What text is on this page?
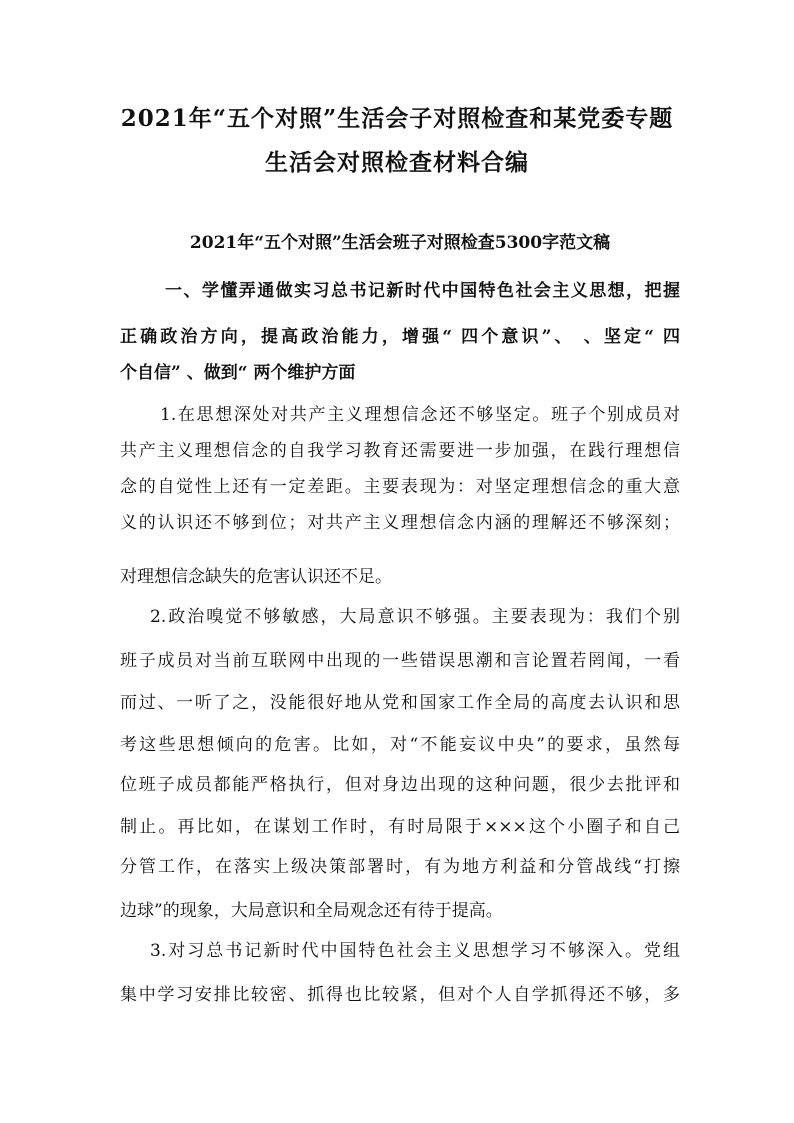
2021年“五个对照”生活会子对照检查和某党委专题
生活会对照检查材料合编
2021年“五个对照”生活会班子对照检查5300字范文稿
一、学懂弄通做实习总书记新时代中国特色社会主义思想，把握
正确政治方向，提高政治能力，增强“ 四个意识”、 、坚定“ 四
个自信” 、做到“ 两个维护方面
1.在思想深处对共产主义理想信念还不够坚定。班子个别成员对
共产主义理想信念的自我学习教育还需要进一步加强，在践行理想信
念的自觉性上还有一定差距。主要表现为：对坚定理想信念的重大意
义的认识还不够到位；对共产主义理想信念内涵的理解还不够深刻；
对理想信念缺失的危害认识还不足。
2.政治嗅觉不够敏感，大局意识不够强。主要表现为：我们个别
班子成员对当前互联网中出现的一些错误思潮和言论置若罔闻，一看
而过、一听了之，没能很好地从党和国家工作全局的高度去认识和思
考这些思想倾向的危害。比如，对“不能妄议中央”的要求，虽然每
位班子成员都能严格执行，但对身边出现的这种问题，很少去批评和
制止。再比如，在谋划工作时，有时局限于×××这个小圈子和自己
分管工作，在落实上级决策部署时，有为地方利益和分管战线“打擦
边球”的现象，大局意识和全局观念还有待于提高。
3.对习总书记新时代中国特色社会主义思想学习不够深入。党组
集中学习安排比较密、抓得也比较紧，但对个人自学抓得还不够，多
